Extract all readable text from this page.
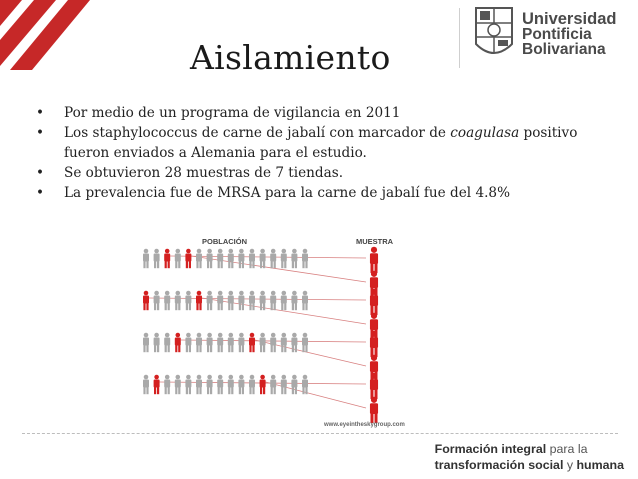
Aislamiento
Universidad
Pontificia
Bolivariana
• Por medio de un programa de vigilancia en 2011
• Los staphylococcus de carne de jabalí con marcador de coagulasa positivo fueron enviados a Alemania para el estudio.
• Se obtuvieron 28 muestras de 7 tiendas.
• La prevalencia fue de MRSA para la carne de jabalí fue del 4.8%
POBLACIÓN	MUESTRA
www.eyeintheskygroup.com
Formación integral para la
transformación social y humana
